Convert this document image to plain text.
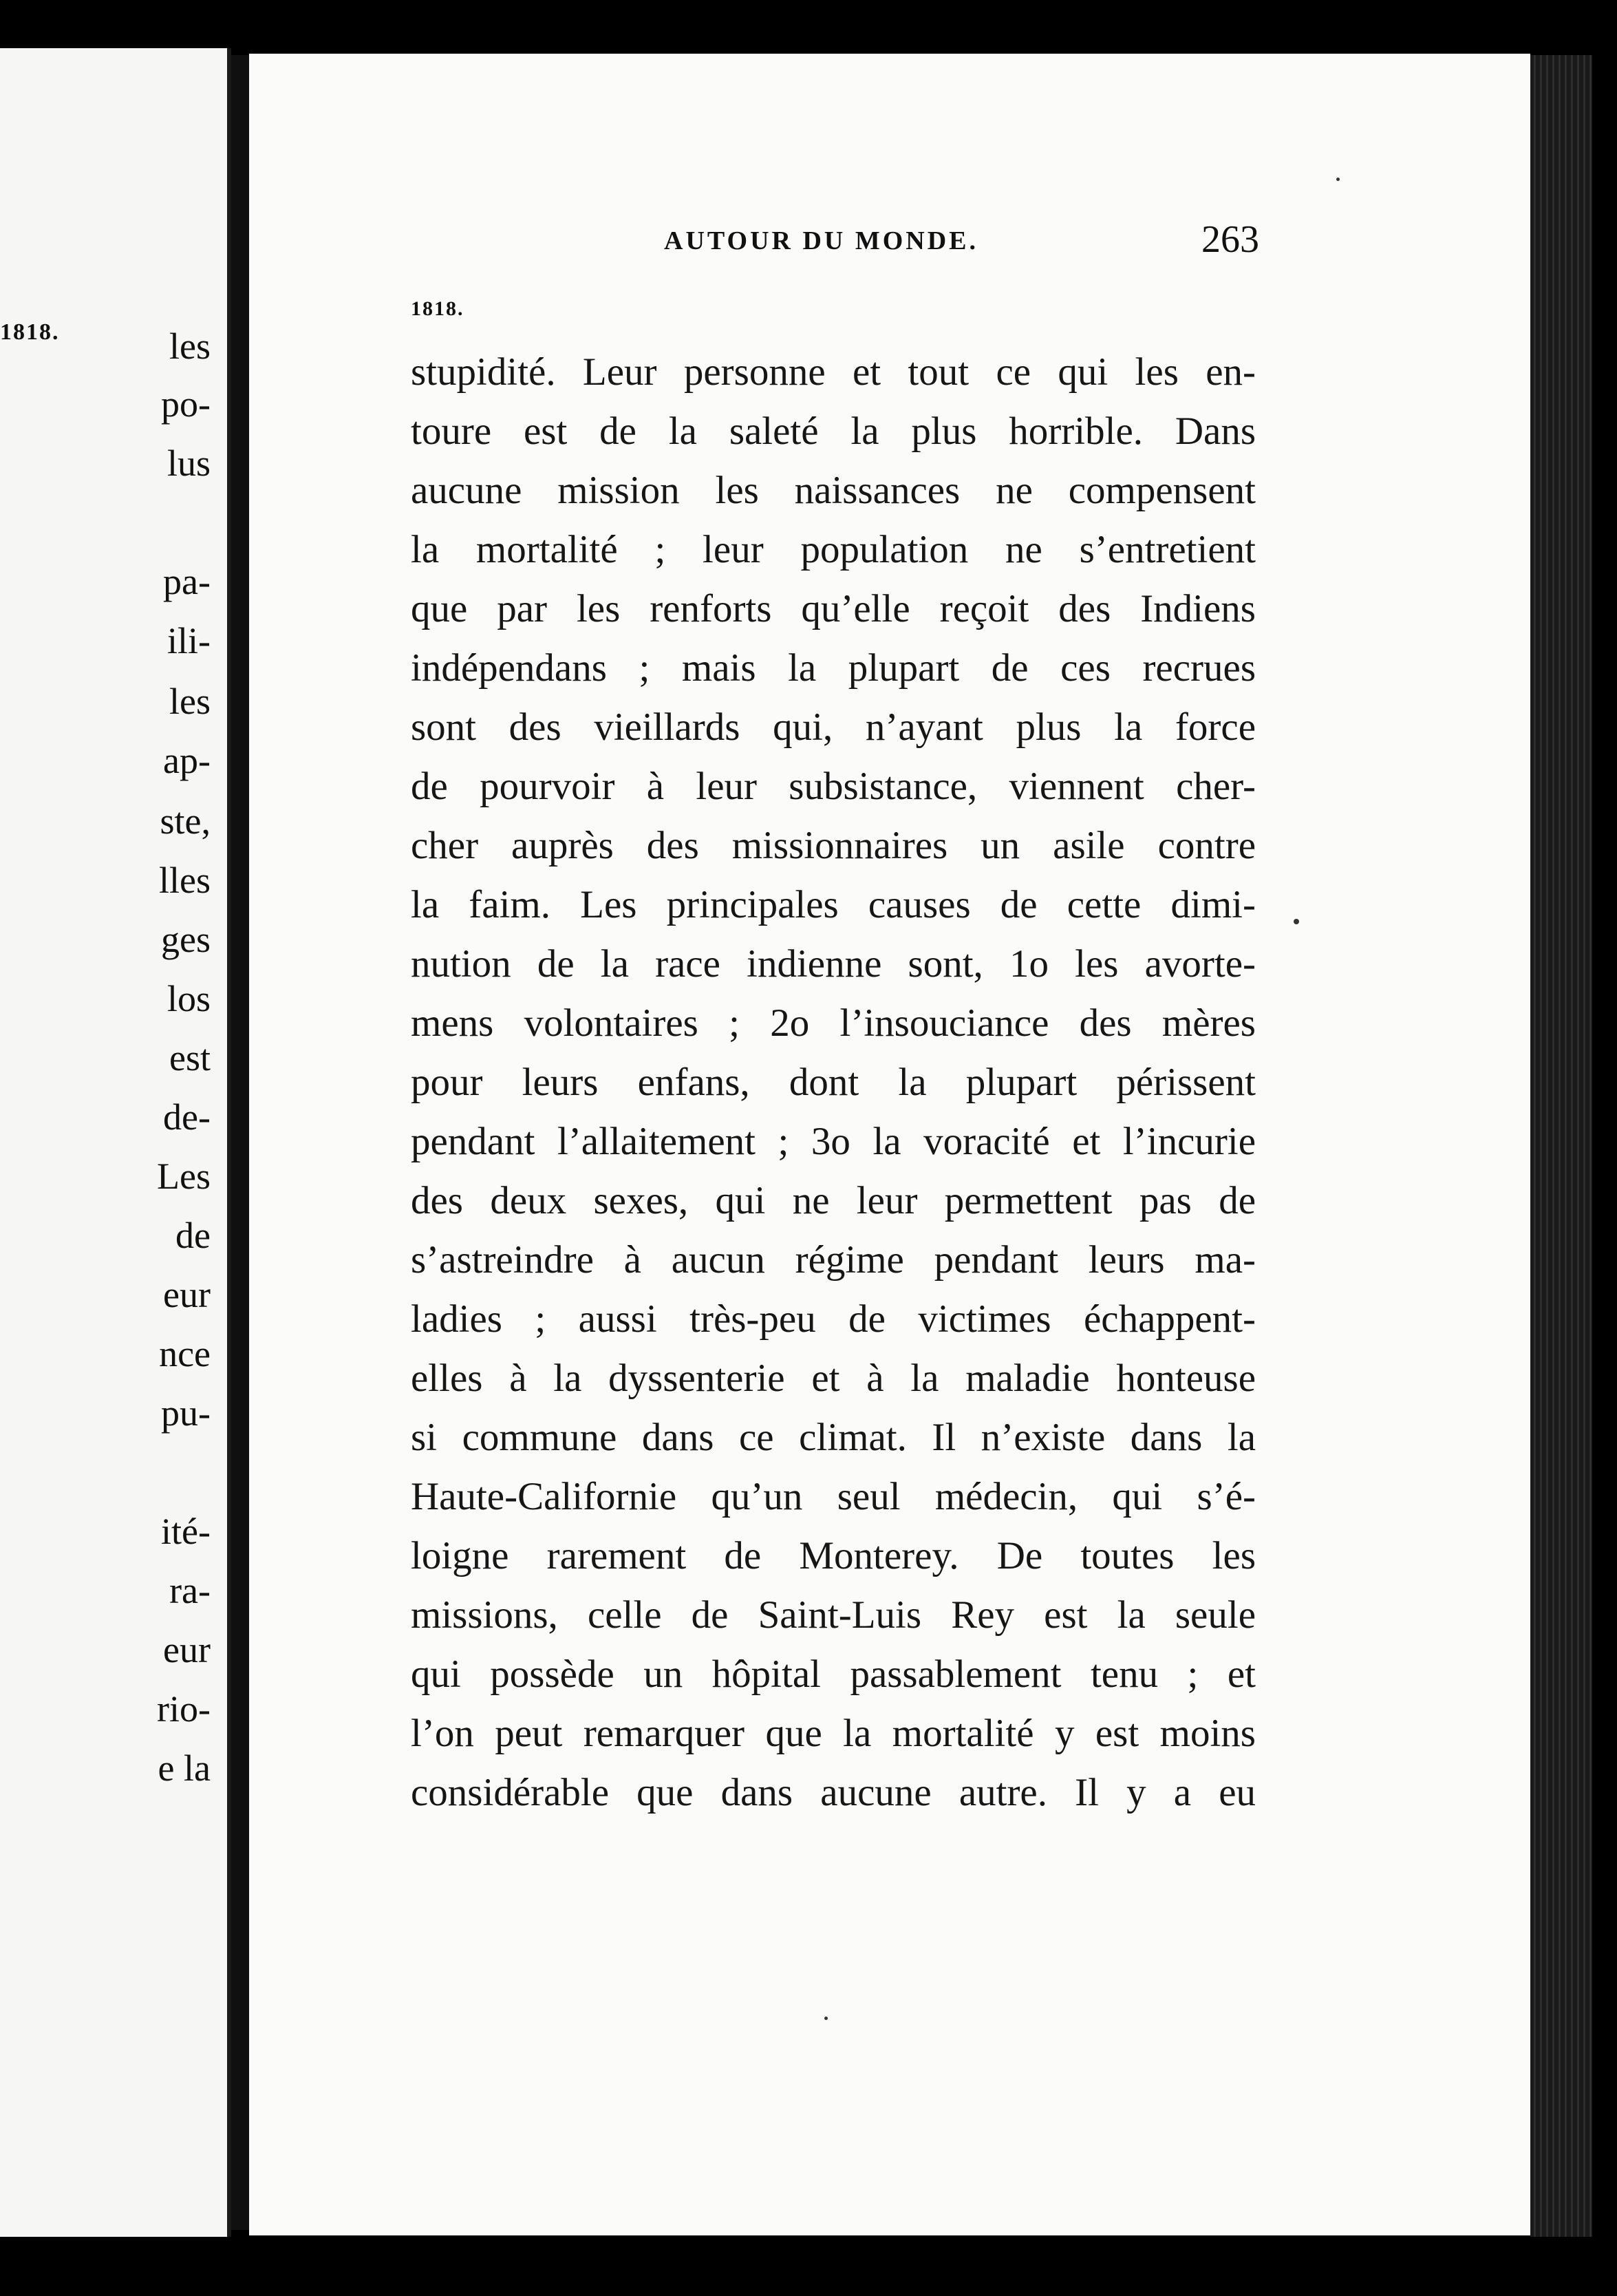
1818.	les
po-
lus
pa-
ili-
les
ap-
ste,
lles
ges
los
est
de-
Les
de
eur
nce
pu-
ité-
ra-
eur
rio-
e la
AUTOUR DU MONDE.	263
1818.
stupidité. Leur personne et tout ce qui les en-
toure est de la saleté la plus horrible. Dans
aucune mission les naissances ne compensent
la mortalité ; leur population ne s’entretient
que par les renforts qu’elle reçoit des Indiens
indépendans ; mais la plupart de ces recrues
sont des vieillards qui, n’ayant plus la force
de pourvoir à leur subsistance, viennent cher-
cher auprès des missionnaires un asile contre
la faim. Les principales causes de cette dimi-
nution de la race indienne sont, 1o les avorte-
mens volontaires ; 2o l’insouciance des mères
pour leurs enfans, dont la plupart périssent
pendant l’allaitement ; 3o la voracité et l’incurie
des deux sexes, qui ne leur permettent pas de
s’astreindre à aucun régime pendant leurs ma-
ladies ; aussi très-peu de victimes échappent-
elles à la dyssenterie et à la maladie honteuse
si commune dans ce climat. Il n’existe dans la
Haute-Californie qu’un seul médecin, qui s’é-
loigne rarement de Monterey. De toutes les
missions, celle de Saint-Luis Rey est la seule
qui possède un hôpital passablement tenu ; et
l’on peut remarquer que la mortalité y est moins
considérable que dans aucune autre. Il y a eu
